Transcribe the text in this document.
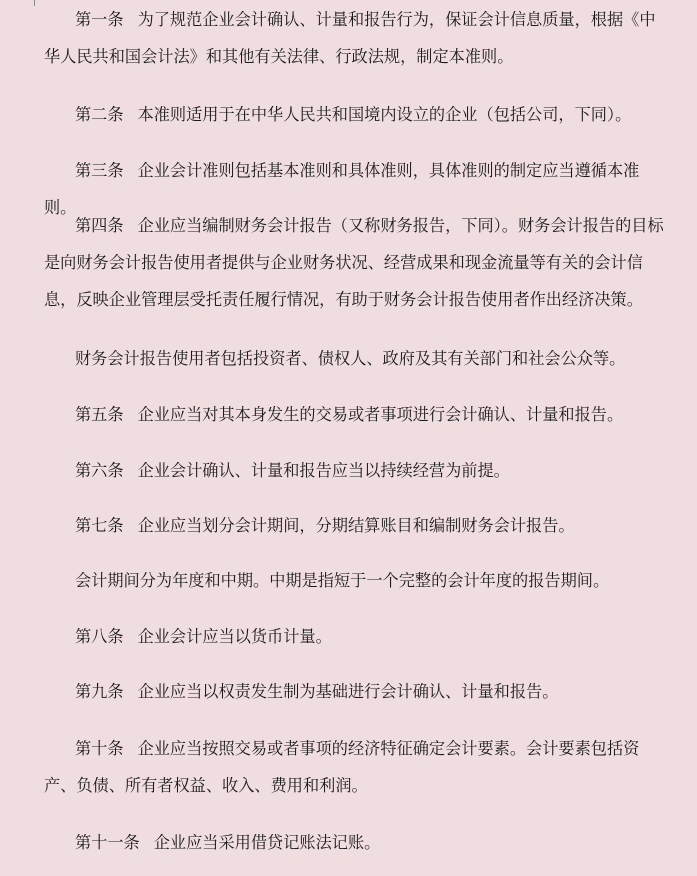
第一条 为了规范企业会计确认、计量和报告行为，保证会计信息质量，根据《中华人民共和国会计法》和其他有关法律、行政法规，制定本准则。

第二条 本准则适用于在中华人民共和国境内设立的企业（包括公司，下同）。

第三条 企业会计准则包括基本准则和具体准则，具体准则的制定应当遵循本准则。

第四条 企业应当编制财务会计报告（又称财务报告，下同）。财务会计报告的目标是向财务会计报告使用者提供与企业财务状况、经营成果和现金流量等有关的会计信息，反映企业管理层受托责任履行情况，有助于财务会计报告使用者作出经济决策。

财务会计报告使用者包括投资者、债权人、政府及其有关部门和社会公众等。

第五条 企业应当对其本身发生的交易或者事项进行会计确认、计量和报告。

第六条 企业会计确认、计量和报告应当以持续经营为前提。

第七条 企业应当划分会计期间，分期结算账目和编制财务会计报告。

会计期间分为年度和中期。中期是指短于一个完整的会计年度的报告期间。

第八条 企业会计应当以货币计量。

第九条 企业应当以权责发生制为基础进行会计确认、计量和报告。

第十条 企业应当按照交易或者事项的经济特征确定会计要素。会计要素包括资产、负债、所有者权益、收入、费用和利润。

第十一条 企业应当采用借贷记账法记账。
